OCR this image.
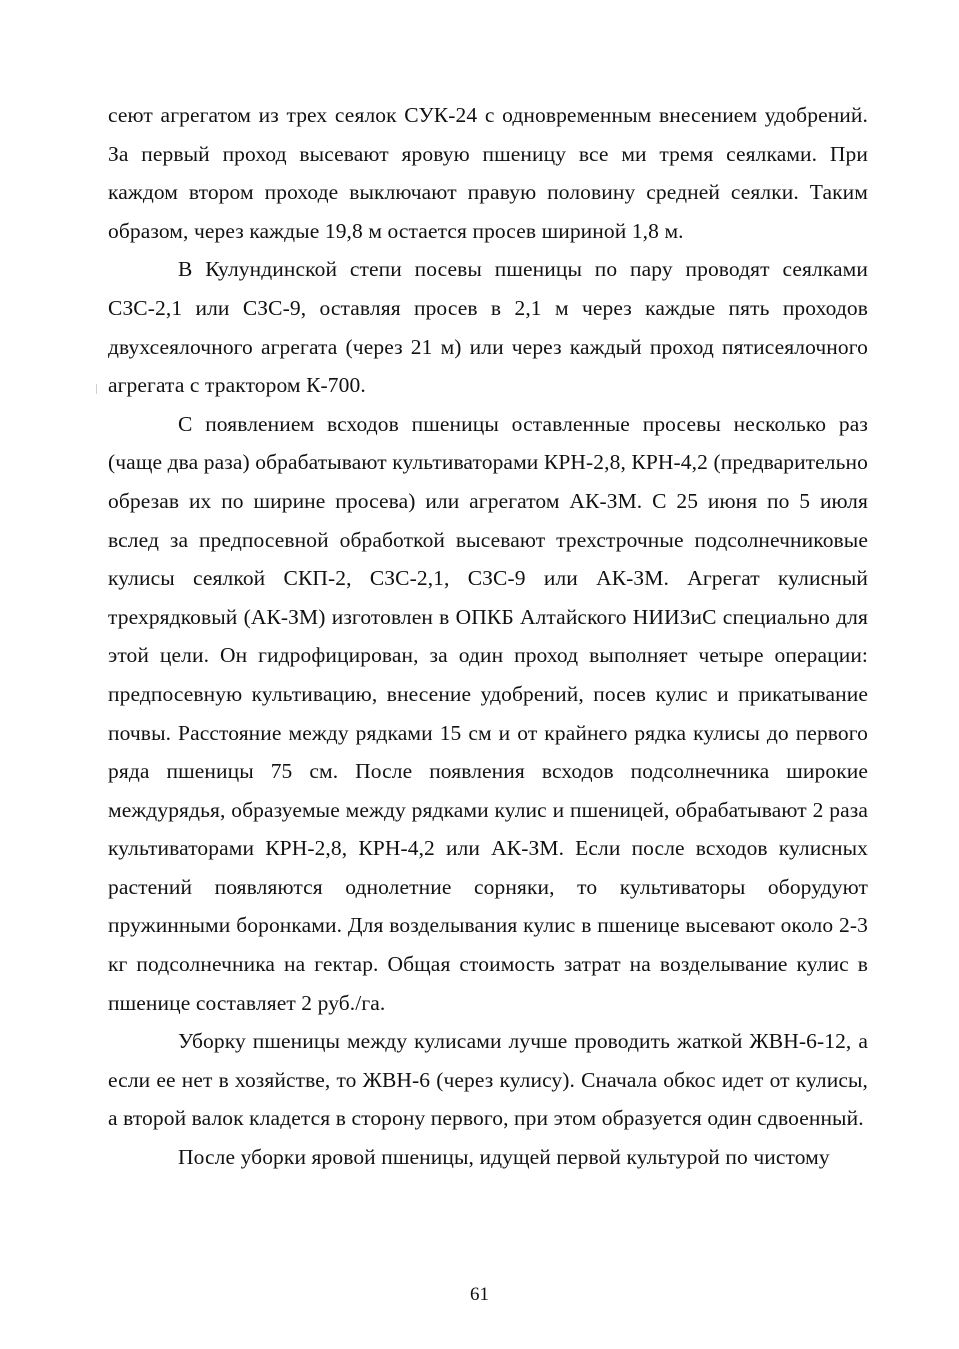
сеют агрегатом из трех сеялок СУК-24 с одновременным внесением удобрений. За первый проход высевают яровую пшеницу все ми тремя сеялками. При каждом втором проходе выключают правую половину средней сеялки. Таким образом, через каждые 19,8 м остается просев шириной 1,8 м.

В Кулундинской степи посевы пшеницы по пару проводят сеялками СЗС-2,1 или СЗС-9, оставляя просев в 2,1 м через каждые пять проходов двухсеялочного агрегата (через 21 м) или через каждый проход пятисеялочного агрегата с трактором К-700.

С появлением всходов пшеницы оставленные просевы несколько раз (чаще два раза) обрабатывают культиваторами КРН-2,8, КРН-4,2 (предварительно обрезав их по ширине просева) или агрегатом АК-ЗМ. С 25 июня по 5 июля вслед за предпосевной обработкой высевают трехстрочные подсолнечниковые кулисы сеялкой СКП-2, СЗС-2,1, СЗС-9 или АК-ЗМ. Агрегат кулисный трехрядковый (АК-ЗМ) изготовлен в ОПКБ Алтайского НИИЗиС специально для этой цели. Он гидрофицирован, за один проход выполняет четыре операции: предпосевную культивацию, внесение удобрений, посев кулис и прикатывание почвы. Расстояние между рядками 15 см и от крайнего рядка кулисы до первого ряда пшеницы 75 см. После появления всходов подсолнечника широкие междурядья, образуемые между рядками кулис и пшеницей, обрабатывают 2 раза культиваторами КРН-2,8, КРН-4,2 или АК-ЗМ. Если после всходов кулисных растений появляются однолетние сорняки, то культиваторы оборудуют пружинными боронками. Для возделывания кулис в пшенице высевают около 2-3 кг подсолнечника на гектар. Общая стоимость затрат на возделывание кулис в пшенице составляет 2 руб./га.

Уборку пшеницы между кулисами лучше проводить жаткой ЖВН-6-12, а если ее нет в хозяйстве, то ЖВН-6 (через кулису). Сначала обкос идет от кулисы, а второй валок кладется в сторону первого, при этом образуется один сдвоенный.

После уборки яровой пшеницы, идущей первой культурой по чистому

61
